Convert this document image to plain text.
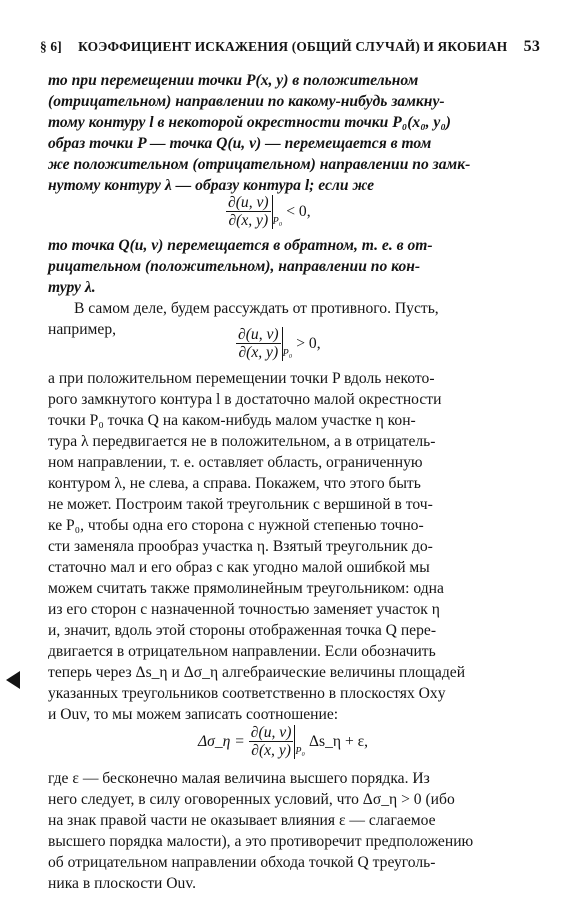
§ 6] КОЭФФИЦИЕНТ ИСКАЖЕНИЯ (ОБЩИЙ СЛУЧАЙ) И ЯКОБИАН 53
то при перемещении точки P(x, y) в положительном
(отрицательном) направлении по какому-нибудь замкну-
тому контуру l в некоторой окрестности точки P₀(x₀, y₀)
образ точки P — точка Q(u, v) — перемещается в том
же положительном (отрицательном) направлении по замк-
нутому контуру λ — образу контура l; если же
$\frac{\partial(u, v)}{\partial(x, y)} P_0$
< 0,
то точка Q(u, v) перемещается в обратном, т. е. в от-
рицательном (положительном), направлении по кон-
туру λ.
В самом деле, будем рассуждать от противного. Пусть,
например,	$\frac{\partial(u, v)}{\partial(x, y)} P_0$
> 0,
а при положительном перемещении точки P вдоль некото-
рого замкнутого контура l в достаточно малой окрестности
точки P₀ точка Q на каком-нибудь малом участке η кон-
тура λ передвигается не в положительном, а в отрицатель-
ном направлении, т. е. оставляет область, ограниченную
контуром λ, не слева, а справа. Покажем, что этого быть
не может. Построим такой треугольник с вершиной в точ-
ке P₀, чтобы одна его сторона с нужной степенью точно-
сти заменяла прообраз участка η. Взятый треугольник до-
статочно мал и его образ с как угодно малой ошибкой мы
можем считать также прямолинейным треугольником: одна
из его сторон с назначенной точностью заменяет участок η
и, значит, вдоль этой стороны отображенная точка Q пере-
двигается в отрицательном направлении. Если обозначить
теперь через Δs_η и Δσ_η алгебраические величины площадей
указанных треугольников соответственно в плоскостях Oxy
и Ouv, то мы можем записать соотношение:
Δσ_η = $\frac{\partial(u, v)}{\partial(x, y)} P_0$
Δs_η + ε,
где ε — бесконечно малая величина высшего порядка. Из
него следует, в силу оговоренных условий, что Δσ_η > 0 (ибо
на знак правой части не оказывает влияния ε — слагаемое
высшего порядка малости), а это противоречит предположению
об отрицательном направлении обхода точкой Q треуголь-
ника в плоскости Ouv.
